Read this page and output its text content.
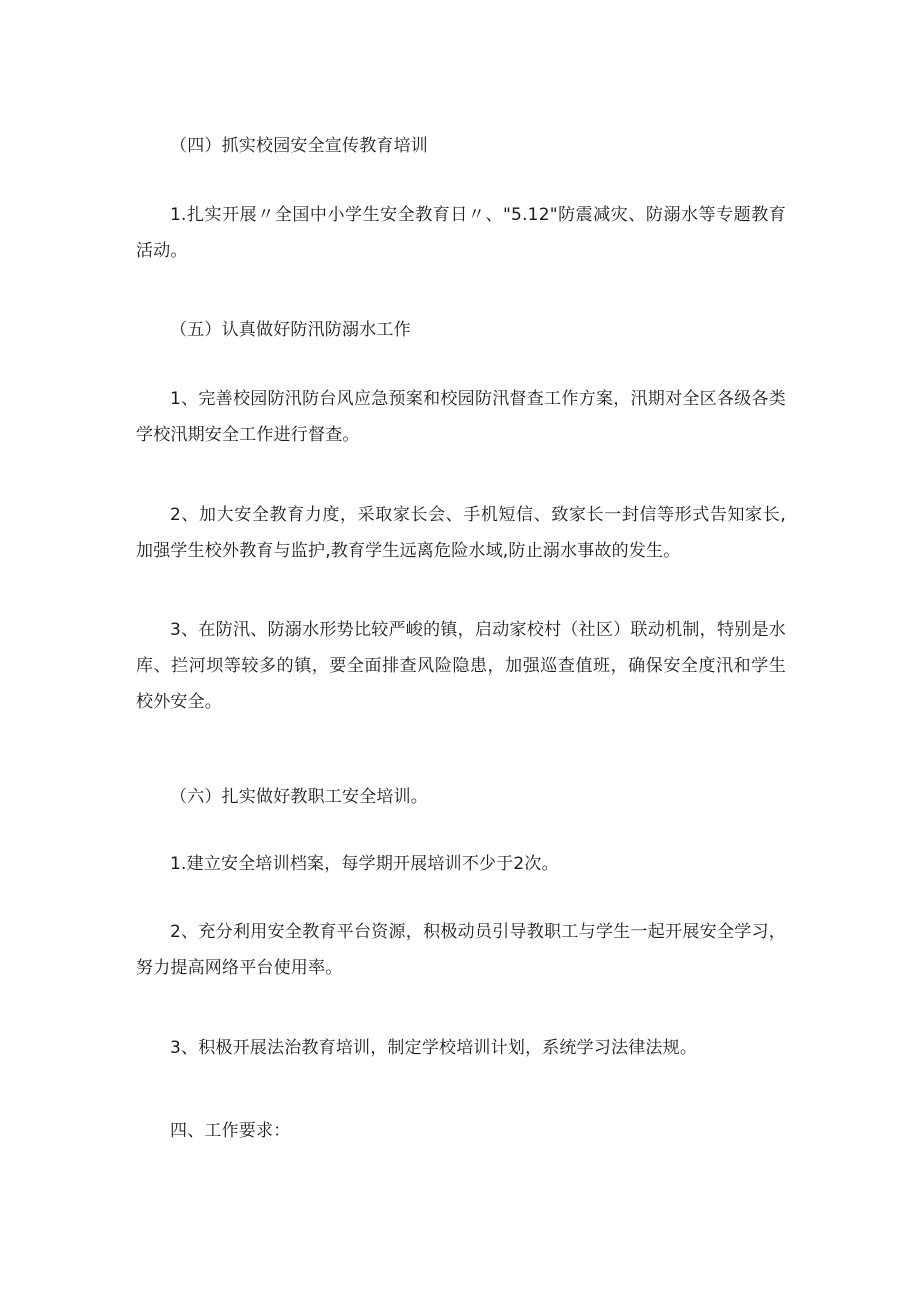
（四）抓实校园安全宣传教育培训

1.扎实开展〃全国中小学生安全教育日〃、"5.12"防震减灾、防溺水等专题教育活动。

（五）认真做好防汛防溺水工作

1、完善校园防汛防台风应急预案和校园防汛督查工作方案，汛期对全区各级各类学校汛期安全工作进行督查。

2、加大安全教育力度，采取家长会、手机短信、致家长一封信等形式告知家长,加强学生校外教育与监护,教育学生远离危险水域,防止溺水事故的发生。

3、在防汛、防溺水形势比较严峻的镇，启动家校村（社区）联动机制，特别是水库、拦河坝等较多的镇，要全面排查风险隐患，加强巡查值班，确保安全度汛和学生校外安全。

（六）扎实做好教职工安全培训。

1.建立安全培训档案，每学期开展培训不少于2次。

2、充分利用安全教育平台资源，积极动员引导教职工与学生一起开展安全学习，努力提高网络平台使用率。

3、积极开展法治教育培训，制定学校培训计划，系统学习法律法规。

四、工作要求：
